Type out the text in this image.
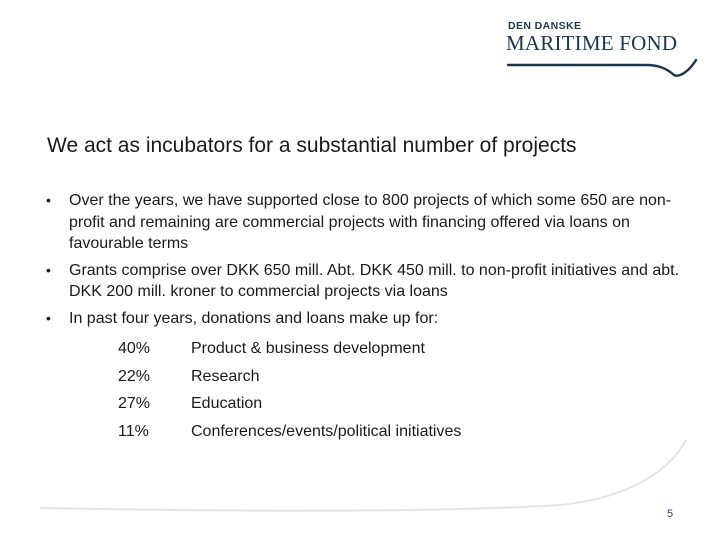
DEN DANSKE
MARITIME FOND
We act as incubators for a substantial number of projects
• Over the years, we have supported close to 800 projects of which some 650 are non-profit and remaining are commercial projects with financing offered via loans on favourable terms
• Grants comprise over DKK 650 mill. Abt. DKK 450 mill. to non-profit initiatives and abt. DKK 200 mill. kroner to commercial projects via loans
• In past four years, donations and loans make up for:
40%	Product & business development
22%	Research
27%	Education
11%	Conferences/events/political initiatives
5
